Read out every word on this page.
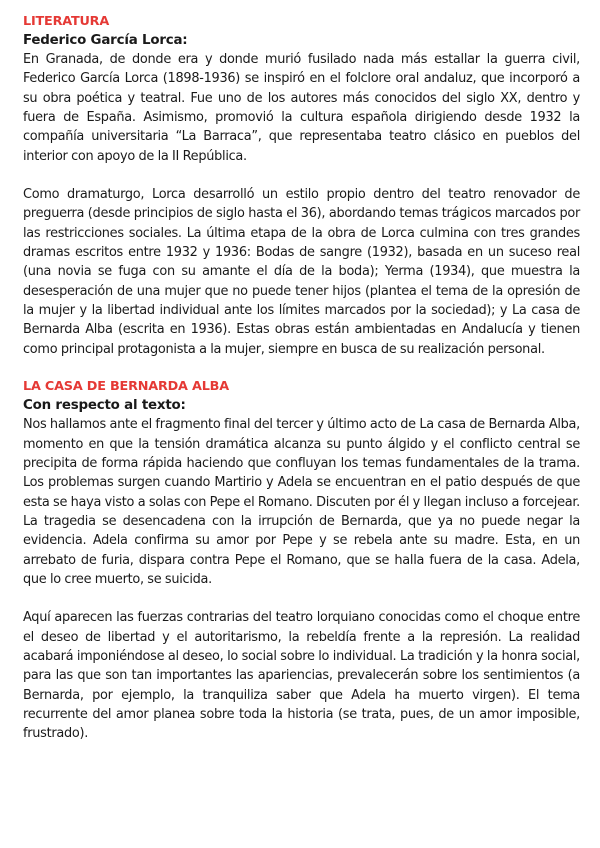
LITERATURA
Federico García Lorca:

En Granada, de donde era y donde murió fusilado nada más estallar la guerra civil, Federico García Lorca (1898-1936) se inspiró en el folclore oral andaluz, que incorporó a su obra poética y teatral. Fue uno de los autores más conocidos del siglo XX, dentro y fuera de España. Asimismo, promovió la cultura española dirigiendo desde 1932 la compañía universitaria “La Barraca”, que representaba teatro clásico en pueblos del interior con apoyo de la II República.

Como dramaturgo, Lorca desarrolló un estilo propio dentro del teatro renovador de preguerra (desde principios de siglo hasta el 36), abordando temas trágicos marcados por las restricciones sociales. La última etapa de la obra de Lorca culmina con tres grandes dramas escritos entre 1932 y 1936: Bodas de sangre (1932), basada en un suceso real (una novia se fuga con su amante el día de la boda); Yerma (1934), que muestra la desesperación de una mujer que no puede tener hijos (plantea el tema de la opresión de la mujer y la libertad individual ante los límites marcados por la sociedad); y La casa de Bernarda Alba (escrita en 1936). Estas obras están ambientadas en Andalucía y tienen como principal protagonista a la mujer, siempre en busca de su realización personal.

LA CASA DE BERNARDA ALBA
Con respecto al texto:

Nos hallamos ante el fragmento final del tercer y último acto de La casa de Bernarda Alba, momento en que la tensión dramática alcanza su punto álgido y el conflicto central se precipita de forma rápida haciendo que confluyan los temas fundamentales de la trama. Los problemas surgen cuando Martirio y Adela se encuentran en el patio después de que esta se haya visto a solas con Pepe el Romano. Discuten por él y llegan incluso a forcejear. La tragedia se desencadena con la irrupción de Bernarda, que ya no puede negar la evidencia. Adela confirma su amor por Pepe y se rebela ante su madre. Esta, en un arrebato de furia, dispara contra Pepe el Romano, que se halla fuera de la casa. Adela, que lo cree muerto, se suicida.

Aquí aparecen las fuerzas contrarias del teatro lorquiano conocidas como el choque entre el deseo de libertad y el autoritarismo, la rebeldía frente a la represión. La realidad acabará imponiéndose al deseo, lo social sobre lo individual. La tradición y la honra social, para las que son tan importantes las apariencias, prevalecerán sobre los sentimientos (a Bernarda, por ejemplo, la tranquiliza saber que Adela ha muerto virgen). El tema recurrente del amor planea sobre toda la historia (se trata, pues, de un amor imposible, frustrado).
